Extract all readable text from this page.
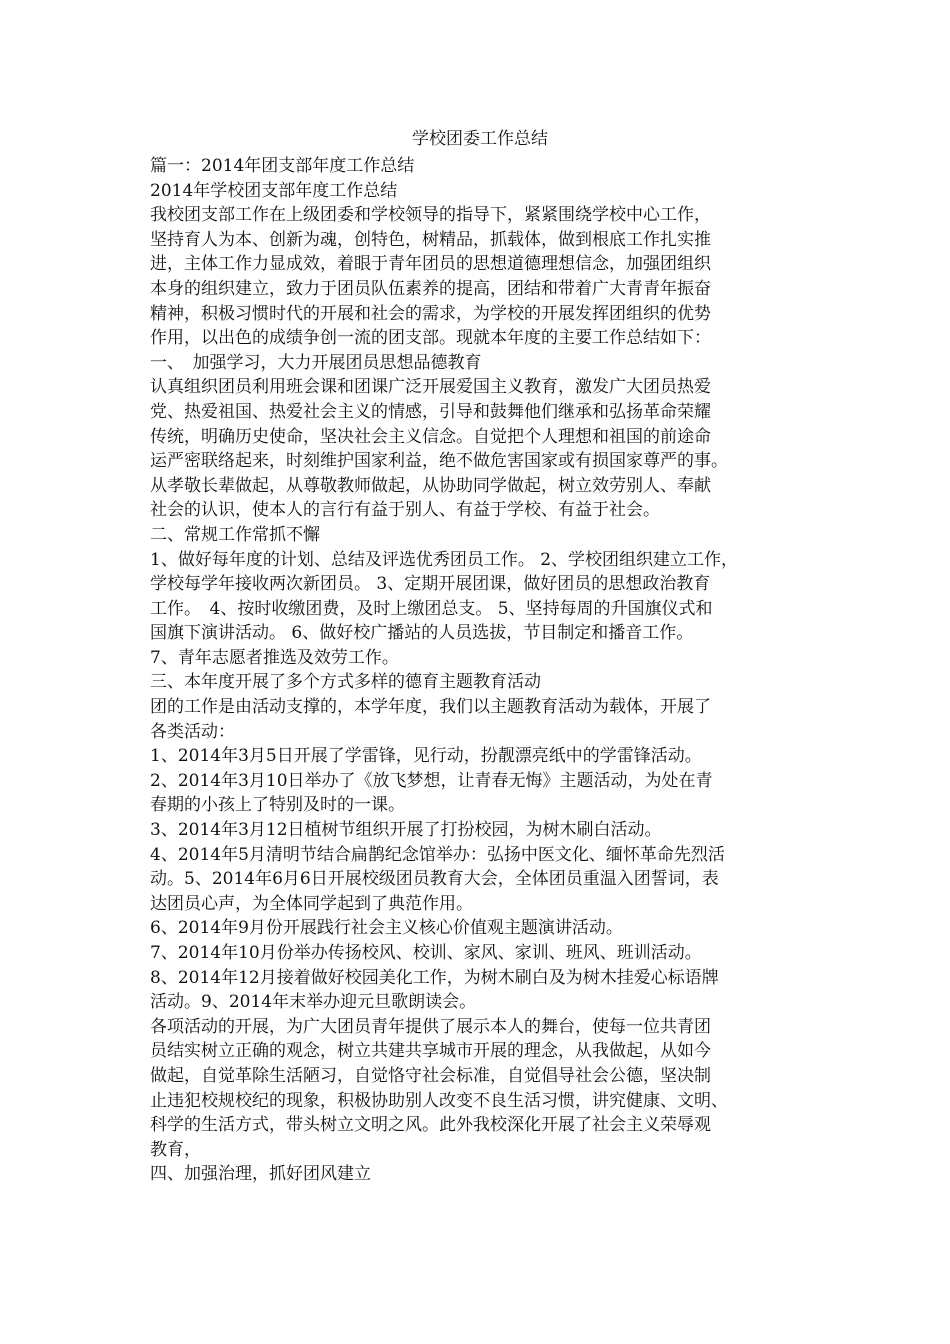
学校团委工作总结
篇一：2014年团支部年度工作总结
2014年学校团支部年度工作总结
我校团支部工作在上级团委和学校领导的指导下，紧紧围绕学校中心工作，
坚持育人为本、创新为魂，创特色，树精品，抓载体，做到根底工作扎实推
进，主体工作力显成效，着眼于青年团员的思想道德理想信念，加强团组织
本身的组织建立，致力于团员队伍素养的提高，团结和带着广大青青年振奋
精神，积极习惯时代的开展和社会的需求，为学校的开展发挥团组织的优势
作用，以出色的成绩争创一流的团支部。现就本年度的主要工作总结如下：
一、　加强学习，大力开展团员思想品德教育
认真组织团员利用班会课和团课广泛开展爱国主义教育，激发广大团员热爱
党、热爱祖国、热爱社会主义的情感，引导和鼓舞他们继承和弘扬革命荣耀
传统，明确历史使命，坚决社会主义信念。自觉把个人理想和祖国的前途命
运严密联络起来，时刻维护国家利益，绝不做危害国家或有损国家尊严的事。
从孝敬长辈做起，从尊敬教师做起，从协助同学做起，树立效劳别人、奉献
社会的认识，使本人的言行有益于别人、有益于学校、有益于社会。
二、常规工作常抓不懈
1、做好每年度的计划、总结及评选优秀团员工作。 2、学校团组织建立工作，
学校每学年接收两次新团员。 3、定期开展团课，做好团员的思想政治教育
工作。　4、按时收缴团费，及时上缴团总支。 5、坚持每周的升国旗仪式和
国旗下演讲活动。 6、做好校广播站的人员选拔，节目制定和播音工作。
7、青年志愿者推选及效劳工作。
三、本年度开展了多个方式多样的德育主题教育活动
团的工作是由活动支撑的，本学年度，我们以主题教育活动为载体，开展了
各类活动：
1、2014年3月5日开展了学雷锋，见行动，扮靓漂亮纸中的学雷锋活动。
2、2014年3月10日举办了《放飞梦想，让青春无悔》主题活动，为处在青
春期的小孩上了特别及时的一课。
3、2014年3月12日植树节组织开展了打扮校园，为树木刷白活动。
4、2014年5月清明节结合扁鹊纪念馆举办：弘扬中医文化、缅怀革命先烈活
动。5、2014年6月6日开展校级团员教育大会，全体团员重温入团誓词，表
达团员心声，为全体同学起到了典范作用。
6、2014年9月份开展践行社会主义核心价值观主题演讲活动。
7、2014年10月份举办传扬校风、校训、家风、家训、班风、班训活动。
8、2014年12月接着做好校园美化工作，为树木刷白及为树木挂爱心标语牌
活动。9、2014年末举办迎元旦歌朗读会。
各项活动的开展，为广大团员青年提供了展示本人的舞台，使每一位共青团
员结实树立正确的观念，树立共建共享城市开展的理念，从我做起，从如今
做起，自觉革除生活陋习，自觉恪守社会标准，自觉倡导社会公德，坚决制
止违犯校规校纪的现象，积极协助别人改变不良生活习惯，讲究健康、文明、
科学的生活方式，带头树立文明之风。此外我校深化开展了社会主义荣辱观
教育，
四、加强治理，抓好团风建立
